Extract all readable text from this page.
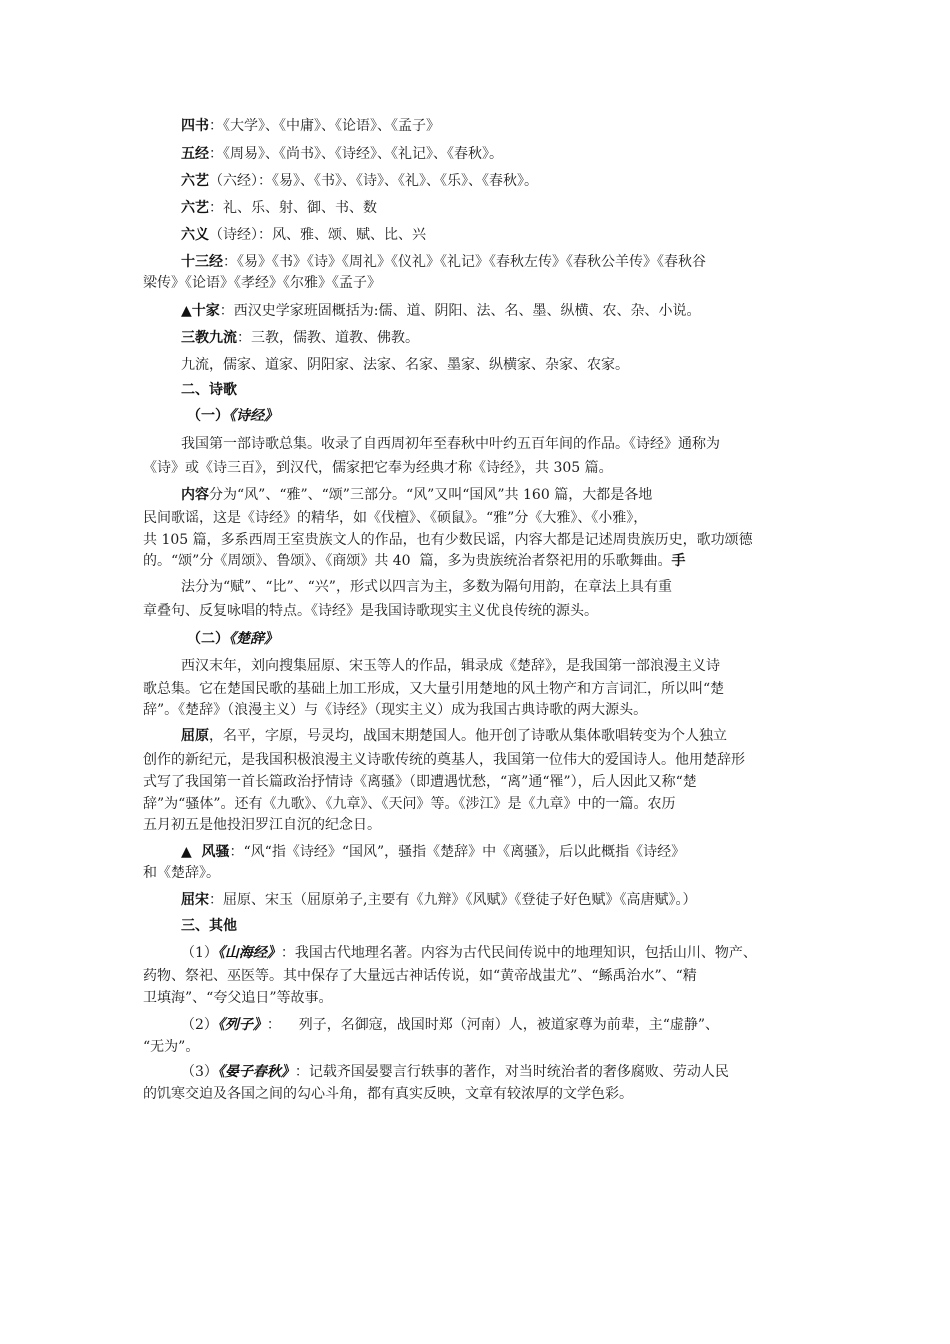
四书：《大学》、《中庸》、《论语》、《孟子》
五经：《周易》、《尚书》、《诗经》、《礼记》、《春秋》。
六艺（六经）：《易》、《书》、《诗》、《礼》、《乐》、《春秋》。
六艺：礼、乐、射、御、书、数
六义（诗经）：风、雅、颂、赋、比、兴
十三经：《易》《书》《诗》《周礼》《仪礼》《礼记》《春秋左传》《春秋公羊传》《春秋谷
梁传》《论语》《孝经》《尔雅》《孟子》
▲十家：西汉史学家班固概括为:儒、道、阴阳、法、名、墨、纵横、农、杂、小说。
三教九流：三教，儒教、道教、佛教。
九流，儒家、道家、阴阳家、法家、名家、墨家、纵横家、杂家、农家。
二、诗歌
（一）《诗经》
我国第一部诗歌总集。收录了自西周初年至春秋中叶约五百年间的作品。《诗经》通称为
《诗》或《诗三百》，到汉代，儒家把它奉为经典才称《诗经》，共 305 篇。
内容分为“风”、“雅”、“颂”三部分。“风”又叫“国风”共 160 篇，大都是各地
民间歌谣，这是《诗经》的精华，如《伐檀》、《硕鼠》。“雅”分《大雅》、《小雅》，
共 105 篇，多系西周王室贵族文人的作品，也有少数民谣，内容大都是记述周贵族历史，歌功颂德
的。“颂”分《周颂》、鲁颂》、《商颂》共 40  篇，多为贵族统治者祭祀用的乐歌舞曲。手
法分为“赋”、“比”、“兴”，形式以四言为主，多数为隔句用韵，在章法上具有重
章叠句、反复咏唱的特点。《诗经》是我国诗歌现实主义优良传统的源头。
（二）《楚辞》
西汉末年，刘向搜集屈原、宋玉等人的作品，辑录成《楚辞》，是我国第一部浪漫主义诗
歌总集。它在楚国民歌的基础上加工形成，又大量引用楚地的风土物产和方言词汇，所以叫“楚
辞”。《楚辞》（浪漫主义）与《诗经》（现实主义）成为我国古典诗歌的两大源头。
屈原，名平，字原，号灵均，战国末期楚国人。他开创了诗歌从集体歌唱转变为个人独立
创作的新纪元，是我国积极浪漫主义诗歌传统的奠基人，我国第一位伟大的爱国诗人。他用楚辞形
式写了我国第一首长篇政治抒情诗《离骚》（即遭遇忧愁，“离”通“罹”），后人因此又称“楚
辞”为“骚体”。还有《九歌》、《九章》、《天问》等。《涉江》是《九章》中的一篇。农历
五月初五是他投汨罗江自沉的纪念日。
▲  风骚：“风“指《诗经》“国风”，骚指《楚辞》中《离骚》，后以此概指《诗经》
和《楚辞》。
屈宋：屈原、宋玉（屈原弟子,主要有《九辩》《风赋》《登徒子好色赋》《高唐赋》。）
三、其他
（1）《山海经》：我国古代地理名著。内容为古代民间传说中的地理知识，包括山川、物产、
药物、祭祀、巫医等。其中保存了大量远古神话传说，如“黄帝战蚩尤”、“鲧禹治水”、“精
卫填海”、“夸父追日”等故事。
（2）《列子》：    列子，名御寇，战国时郑（河南）人，被道家尊为前辈，主“虚静”、
“无为”。
（3）《晏子春秋》：记载齐国晏婴言行轶事的著作，对当时统治者的奢侈腐败、劳动人民
的饥寒交迫及各国之间的勾心斗角，都有真实反映，文章有较浓厚的文学色彩。
